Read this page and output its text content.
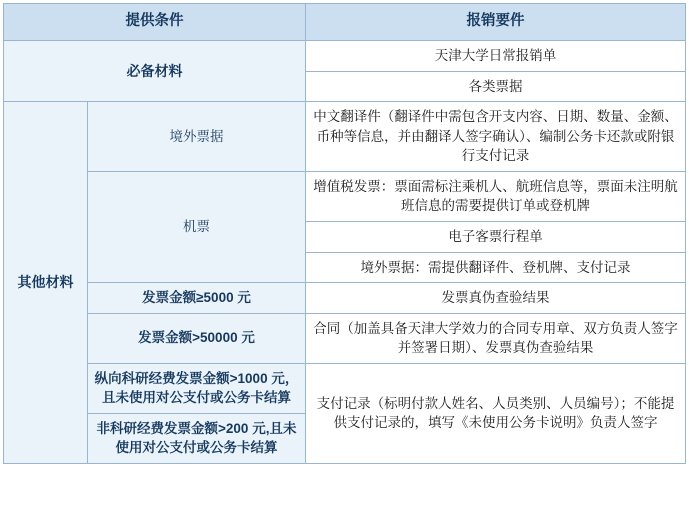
提供条件		报销要件
必备材料		天津大学日常报销单
		各类票据
其他材料	境外票据	中文翻译件（翻译件中需包含开支内容、日期、数量、金额、币种等信息，并由翻译人签字确认）、编制公务卡还款或附银行支付记录
	机票	增值税发票：票面需标注乘机人、航班信息等，票面未注明航班信息的需要提供订单或登机牌
		电子客票行程单
		境外票据：需提供翻译件、登机牌、支付记录
	发票金额≥5000 元	发票真伪查验结果
	发票金额>50000 元	合同（加盖具备天津大学效力的合同专用章、双方负责人签字并签署日期）、发票真伪查验结果
	纵向科研经费发票金额>1000 元，且未使用对公支付或公务卡结算	支付记录（标明付款人姓名、人员类别、人员编号）；不能提供支付记录的，填写《未使用公务卡说明》负责人签字
	非科研经费发票金额>200 元,且未使用对公支付或公务卡结算	
